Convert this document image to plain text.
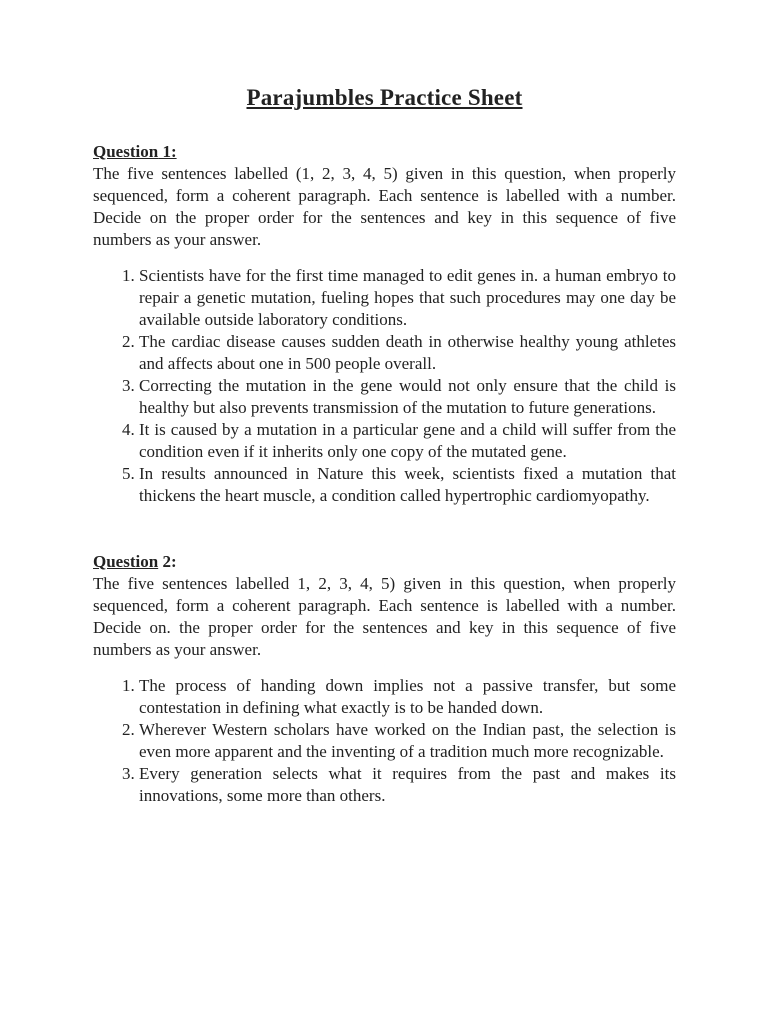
Parajumbles Practice Sheet

Question 1:

The five sentences labelled (1, 2, 3, 4, 5) given in this question, when properly sequenced, form a coherent paragraph. Each sentence is labelled with a number. Decide on the proper order for the sentences and key in this sequence of five numbers as your answer.

1. Scientists have for the first time managed to edit genes in. a human embryo to repair a genetic mutation, fueling hopes that such procedures may one day be available outside laboratory conditions.
2. The cardiac disease causes sudden death in otherwise healthy young athletes and affects about one in 500 people overall.
3. Correcting the mutation in the gene would not only ensure that the child is healthy but also prevents transmission of the mutation to future generations.
4. It is caused by a mutation in a particular gene and a child will suffer from the condition even if it inherits only one copy of the mutated gene.
5. In results announced in Nature this week, scientists fixed a mutation that thickens the heart muscle, a condition called hypertrophic cardiomyopathy.

Question 2:

The five sentences labelled 1, 2, 3, 4, 5) given in this question, when properly sequenced, form a coherent paragraph. Each sentence is labelled with a number. Decide on. the proper order for the sentences and key in this sequence of five numbers as your answer.

1. The process of handing down implies not a passive transfer, but some contestation in defining what exactly is to be handed down.
2. Wherever Western scholars have worked on the Indian past, the selection is even more apparent and the inventing of a tradition much more recognizable.
3. Every generation selects what it requires from the past and makes its innovations, some more than others.
